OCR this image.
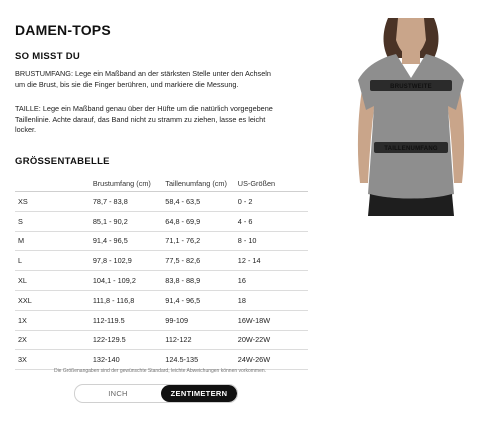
DAMEN-TOPS
SO MISST DU
BRUSTUMFANG: Lege ein Maßband an der stärksten Stelle unter den Achseln um die Brust, bis sie die Finger berühren, und markiere die Messung.
TAILLE: Lege ein Maßband genau über der Hüfte um die natürlich vorgegebene Taillenlinie. Achte darauf, das Band nicht zu stramm zu ziehen, lasse es leicht locker.
BRUSTWEITE
TAILLENUMFANG
GRÖSSENTABELLE
	Brustumfang (cm)	Taillenumfang (cm)	US-Größen
XS	78,7 - 83,8	58,4 - 63,5	0 - 2
S	85,1 - 90,2	64,8 - 69,9	4 - 6
M	91,4 - 96,5	71,1 - 76,2	8 - 10
L	97,8 - 102,9	77,5 - 82,6	12 - 14
XL	104,1 - 109,2	83,8 - 88,9	16
XXL	111,8 - 116,8	91,4 - 96,5	18
1X	112-119.5	99-109	16W-18W
2X	122-129.5	112-122	20W-22W
3X	132-140	124.5-135	24W-26W
Die Größenangaben sind der gewünschte Standard, leichte Abweichungen können vorkommen.
INCH	ZENTIMETERN
